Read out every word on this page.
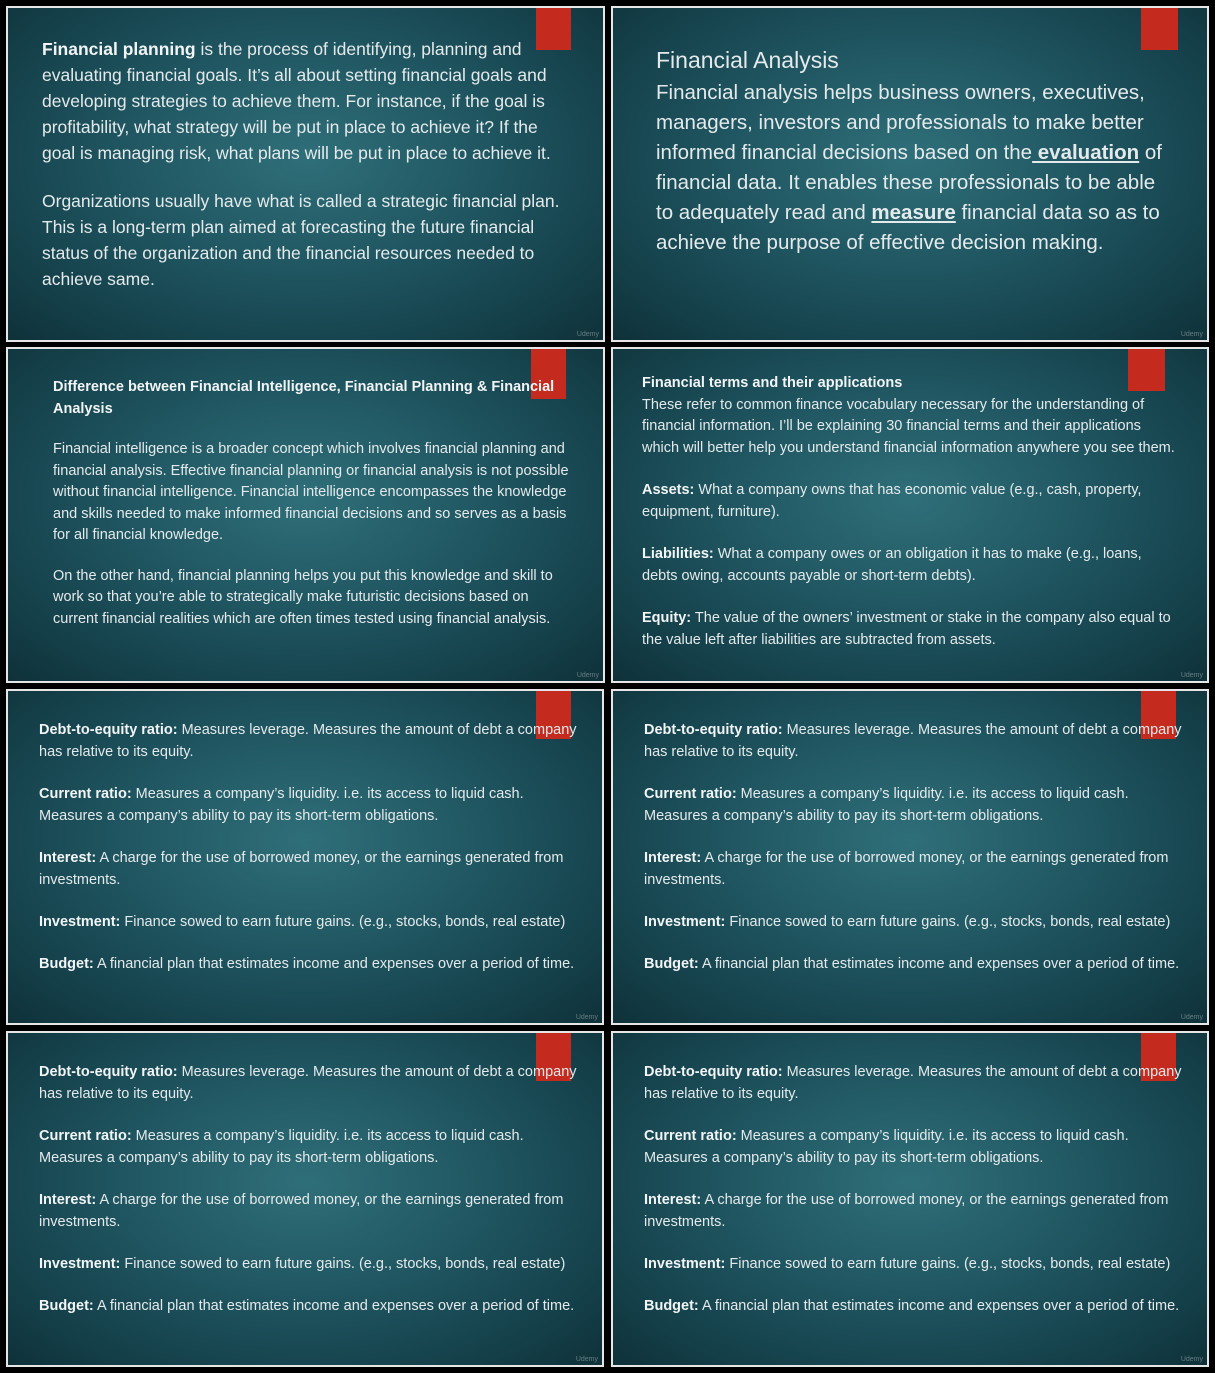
Financial planning is the process of identifying, planning and evaluating financial goals. It’s all about setting financial goals and developing strategies to achieve them. For instance, if the goal is profitability, what strategy will be put in place to achieve it? If the goal is managing risk, what plans will be put in place to achieve it.

Organizations usually have what is called a strategic financial plan. This is a long-term plan aimed at forecasting the future financial status of the organization and the financial resources needed to achieve same.

Udemy

Financial Analysis

Financial analysis helps business owners, executives, managers, investors and professionals to make better informed financial decisions based on the evaluation of financial data. It enables these professionals to be able to adequately read and measure financial data so as to achieve the purpose of effective decision making.

Udemy

Difference between Financial Intelligence, Financial Planning & Financial Analysis

Financial intelligence is a broader concept which involves financial planning and financial analysis. Effective financial planning or financial analysis is not possible without financial intelligence. Financial intelligence encompasses the knowledge and skills needed to make informed financial decisions and so serves as a basis for all financial knowledge.

On the other hand, financial planning helps you put this knowledge and skill to work so that you’re able to strategically make futuristic decisions based on current financial realities which are often times tested using financial analysis.

Udemy

Financial terms and their applications

These refer to common finance vocabulary necessary for the understanding of financial information. I’ll be explaining 30 financial terms and their applications which will better help you understand financial information anywhere you see them.

Assets: What a company owns that has economic value (e.g., cash, property, equipment, furniture).

Liabilities: What a company owes or an obligation it has to make (e.g., loans, debts owing, accounts payable or short-term debts).

Equity: The value of the owners’ investment or stake in the company also equal to the value left after liabilities are subtracted from assets.

Udemy

Debt-to-equity ratio: Measures leverage. Measures the amount of debt a company has relative to its equity.

Current ratio: Measures a company’s liquidity. i.e. its access to liquid cash. Measures a company’s ability to pay its short-term obligations.

Interest: A charge for the use of borrowed money, or the earnings generated from investments.

Investment: Finance sowed to earn future gains. (e.g., stocks, bonds, real estate)

Budget: A financial plan that estimates income and expenses over a period of time.

Udemy

Debt-to-equity ratio: Measures leverage. Measures the amount of debt a company has relative to its equity.

Current ratio: Measures a company’s liquidity. i.e. its access to liquid cash. Measures a company’s ability to pay its short-term obligations.

Interest: A charge for the use of borrowed money, or the earnings generated from investments.

Investment: Finance sowed to earn future gains. (e.g., stocks, bonds, real estate)

Budget: A financial plan that estimates income and expenses over a period of time.

Udemy

Debt-to-equity ratio: Measures leverage. Measures the amount of debt a company has relative to its equity.

Current ratio: Measures a company’s liquidity. i.e. its access to liquid cash. Measures a company’s ability to pay its short-term obligations.

Interest: A charge for the use of borrowed money, or the earnings generated from investments.

Investment: Finance sowed to earn future gains. (e.g., stocks, bonds, real estate)

Budget: A financial plan that estimates income and expenses over a period of time.

Udemy

Debt-to-equity ratio: Measures leverage. Measures the amount of debt a company has relative to its equity.

Current ratio: Measures a company’s liquidity. i.e. its access to liquid cash. Measures a company’s ability to pay its short-term obligations.

Interest: A charge for the use of borrowed money, or the earnings generated from investments.

Investment: Finance sowed to earn future gains. (e.g., stocks, bonds, real estate)

Budget: A financial plan that estimates income and expenses over a period of time.

Udemy
